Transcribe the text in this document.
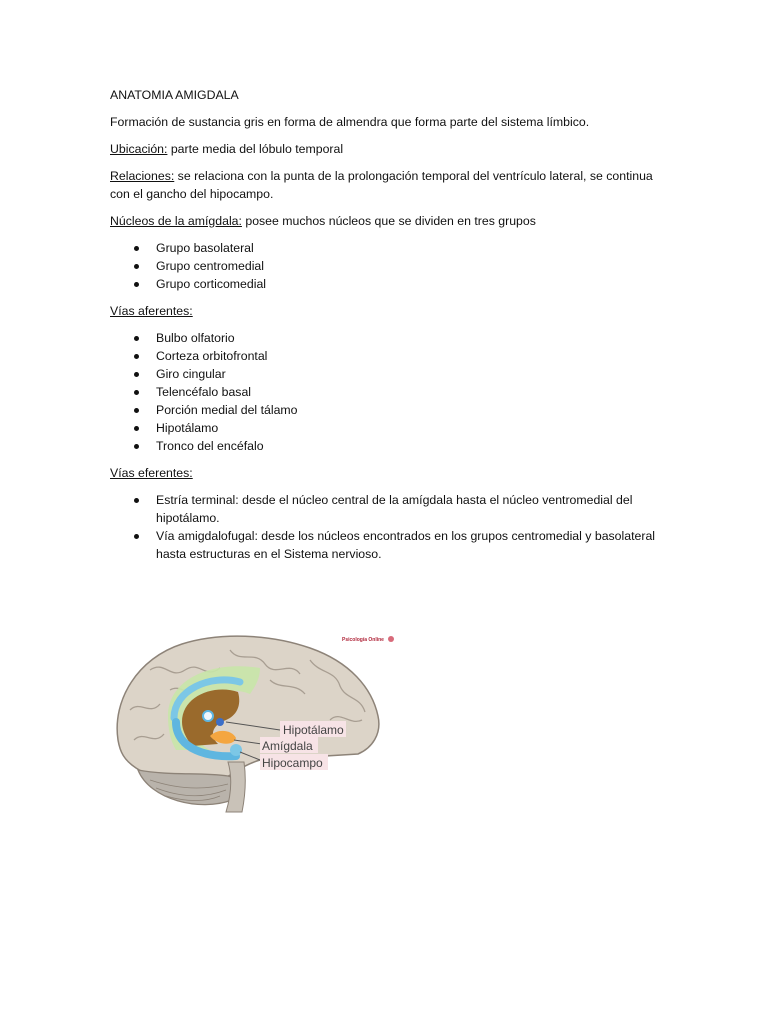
ANATOMIA AMIGDALA

Formación de sustancia gris en forma de almendra que forma parte del sistema límbico.

Ubicación: parte media del lóbulo temporal

Relaciones: se relaciona con la punta de la prolongación temporal del ventrículo lateral, se continua con el gancho del hipocampo.

Núcleos de la amígdala: posee muchos núcleos que se dividen en tres grupos

Grupo basolateral
Grupo centromedial
Grupo corticomedial

Vías aferentes:

Bulbo olfatorio
Corteza orbitofrontal
Giro cingular
Telencéfalo basal
Porción medial del tálamo
Hipotálamo
Tronco del encéfalo

Vías eferentes:

Estría terminal: desde el núcleo central de la amígdala hasta el núcleo ventromedial del hipotálamo.
Vía amigdalofugal: desde los núcleos encontrados en los grupos centromedial y basolateral hasta estructuras en el Sistema nervioso.
Hipotálamo
Amígdala
Hipocampo
Psicología Online
